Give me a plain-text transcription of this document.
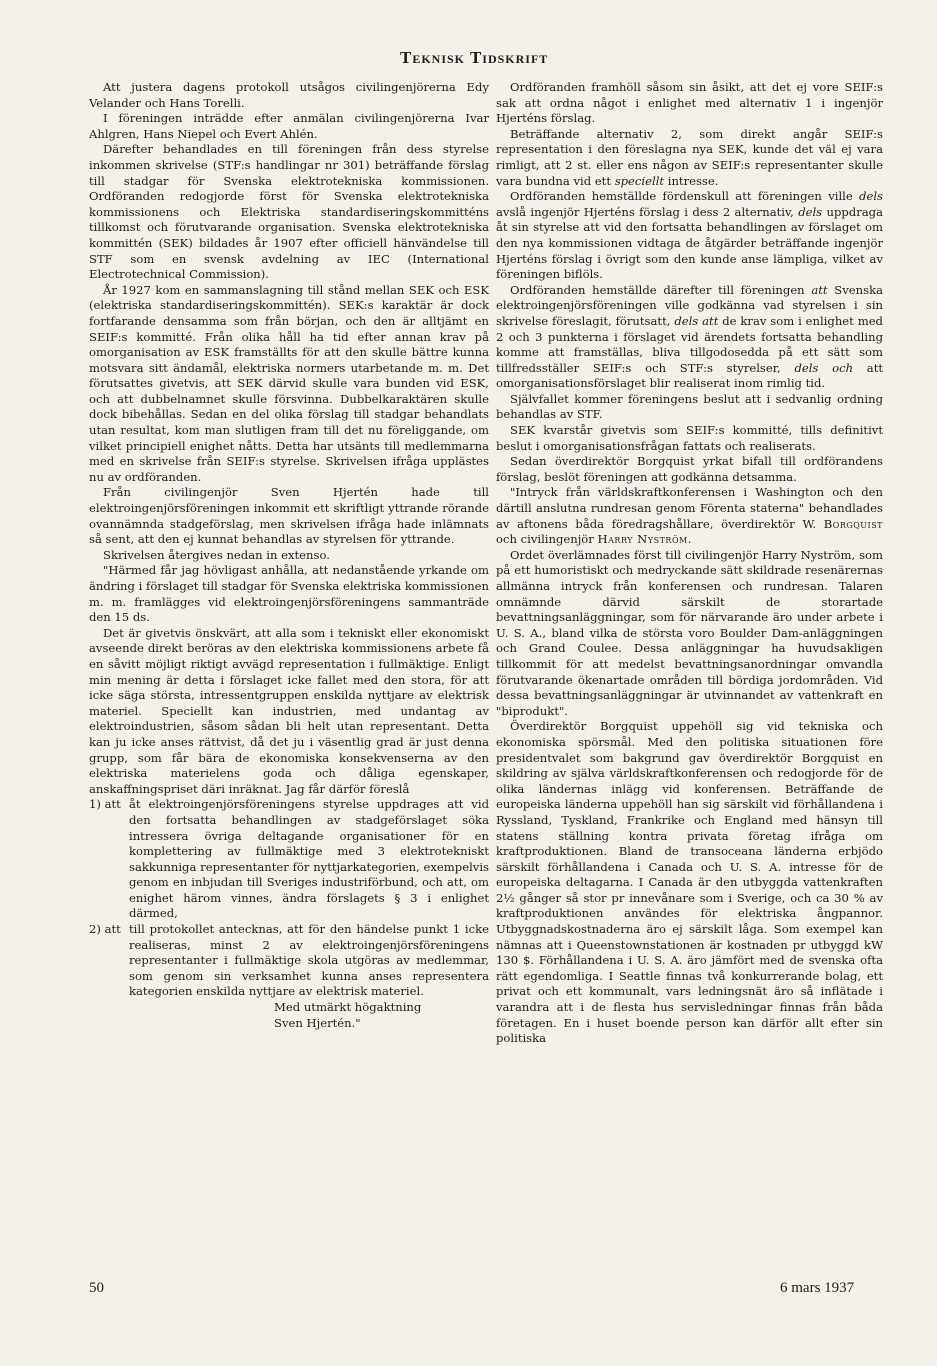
Teknisk Tidskrift

Att justera dagens protokoll utsågos civilingenjörerna Edy Velander och Hans Torelli.

I föreningen inträdde efter anmälan civilingenjörerna Ivar Ahlgren, Hans Niepel och Evert Ahlén.

Därefter behandlades en till föreningen från dess styrelse inkommen skrivelse (STF:s handlingar nr 301) beträffande förslag till stadgar för Svenska elektrotekniska kommissionen. Ordföranden redogjorde först för Svenska elektrotekniska kommissionens och Elektriska standardiseringskommitténs tillkomst och förutvarande organisation. Svenska elektrotekniska kommittén (SEK) bildades år 1907 efter officiell hänvändelse till STF som en svensk avdelning av IEC (International Electrotechnical Commission).

År 1927 kom en sammanslagning till stånd mellan SEK och ESK (elektriska standardiseringskommittén). SEK:s karaktär är dock fortfarande densamma som från början, och den är alltjämt en SEIF:s kommitté. Från olika håll ha tid efter annan krav på omorganisation av ESK framställts för att den skulle bättre kunna motsvara sitt ändamål, elektriska normers utarbetande m. m. Det förutsattes givetvis, att SEK därvid skulle vara bunden vid ESK, och att dubbelnamnet skulle försvinna. Dubbelkaraktären skulle dock bibehållas. Sedan en del olika förslag till stadgar behandlats utan resultat, kom man slutligen fram till det nu föreliggande, om vilket principiell enighet nåtts. Detta har utsänts till medlemmarna med en skrivelse från SEIF:s styrelse. Skrivelsen ifråga upplästes nu av ordföranden.

Från civilingenjör Sven Hjertén hade till elektroingenjörsföreningen inkommit ett skriftligt yttrande rörande ovannämnda stadgeförslag, men skrivelsen ifråga hade inlämnats så sent, att den ej kunnat behandlas av styrelsen för yttrande.

Skrivelsen återgives nedan in extenso.

"Härmed får jag hövligast anhålla, att nedanstående yrkande om ändring i förslaget till stadgar för Svenska elektriska kommissionen m. m. framlägges vid elektroingenjörsföreningens sammanträde den 15 ds.

Det är givetvis önskvärt, att alla som i tekniskt eller ekonomiskt avseende direkt beröras av den elektriska kommissionens arbete få en såvitt möjligt riktigt avvägd representation i fullmäktige. Enligt min mening är detta i förslaget icke fallet med den stora, för att icke säga största, intressentgruppen enskilda nyttjare av elektrisk materiel. Speciellt kan industrien, med undantag av elektroindustrien, såsom sådan bli helt utan representant. Detta kan ju icke anses rättvist, då det ju i väsentlig grad är just denna grupp, som får bära de ekonomiska konsekvenserna av den elektriska materielens goda och dåliga egenskaper, anskaffningspriset däri inräknat. Jag får därför föreslå

1) att åt elektroingenjörsföreningens styrelse uppdrages att vid den fortsatta behandlingen av stadgeförslaget söka intressera övriga deltagande organisationer för en komplettering av fullmäktige med 3 elektrotekniskt sakkunniga representanter för nyttjarkategorien, exempelvis genom en inbjudan till Sveriges industriförbund, och att, om enighet härom vinnes, ändra förslagets § 3 i enlighet därmed,
2) att till protokollet antecknas, att för den händelse punkt 1 icke realiseras, minst 2 av elektroingenjörsföreningens representanter i fullmäktige skola utgöras av medlemmar, som genom sin verksamhet kunna anses representera kategorien enskilda nyttjare av elektrisk materiel.

Med utmärkt högaktning

Sven Hjertén."

Ordföranden framhöll såsom sin åsikt, att det ej vore SEIF:s sak att ordna något i enlighet med alternativ 1 i ingenjör Hjerténs förslag.

Beträffande alternativ 2, som direkt angår SEIF:s representation i den föreslagna nya SEK, kunde det väl ej vara rimligt, att 2 st. eller ens någon av SEIF:s representanter skulle vara bundna vid ett speciellt intresse.

Ordföranden hemställde fördenskull att föreningen ville dels avslå ingenjör Hjerténs förslag i dess 2 alternativ, dels uppdraga åt sin styrelse att vid den fortsatta behandlingen av förslaget om den nya kommissionen vidtaga de åtgärder beträffande ingenjör Hjerténs förslag i övrigt som den kunde anse lämpliga, vilket av föreningen biflöls.

Ordföranden hemställde därefter till föreningen att Svenska elektroingenjörsföreningen ville godkänna vad styrelsen i sin skrivelse föreslagit, förutsatt, dels att de krav som i enlighet med 2 och 3 punkterna i förslaget vid ärendets fortsatta behandling komme att framställas, bliva tillgodosedda på ett sätt som tillfredsställer SEIF:s och STF:s styrelser, dels och att omorganisationsförslaget blir realiserat inom rimlig tid.

Självfallet kommer föreningens beslut att i sedvanlig ordning behandlas av STF.

SEK kvarstår givetvis som SEIF:s kommitté, tills definitivt beslut i omorganisationsfrågan fattats och realiserats.

Sedan överdirektör Borgquist yrkat bifall till ordförandens förslag, beslöt föreningen att godkänna detsamma.

"Intryck från världskraftkonferensen i Washington och den därtill anslutna rundresan genom Förenta staterna" behandlades av aftonens båda föredragshållare, överdirektör W. Borgquist och civilingenjör Harry Nyström.

Ordet överlämnades först till civilingenjör Harry Nyström, som på ett humoristiskt och medryckande sätt skildrade resenärernas allmänna intryck från konferensen och rundresan. Talaren omnämnde därvid särskilt de storartade bevattningsanläggningar, som för närvarande äro under arbete i U. S. A., bland vilka de största voro Boulder Dam-anläggningen och Grand Coulee. Dessa anläggningar ha huvudsakligen tillkommit för att medelst bevattningsanordningar omvandla förutvarande ökenartade områden till bördiga jordområden. Vid dessa bevattningsanläggningar är utvinnandet av vattenkraft en "biprodukt".

Överdirektör Borgquist uppehöll sig vid tekniska och ekonomiska spörsmål. Med den politiska situationen före presidentvalet som bakgrund gav överdirektör Borgquist en skildring av själva världskraftkonferensen och redogjorde för de olika ländernas inlägg vid konferensen. Beträffande de europeiska länderna uppehöll han sig särskilt vid förhållandena i Ryssland, Tyskland, Frankrike och England med hänsyn till statens ställning kontra privata företag ifråga om kraftproduktionen. Bland de transoceana länderna erbjödo särskilt förhållandena i Canada och U. S. A. intresse för de europeiska deltagarna. I Canada är den utbyggda vattenkraften 2½ gånger så stor pr innevånare som i Sverige, och ca 30 % av kraftproduktionen användes för elektriska ångpannor. Utbyggnadskostnaderna äro ej särskilt låga. Som exempel kan nämnas att i Queenstownstationen är kostnaden pr utbyggd kW 130 $. Förhållandena i U. S. A. äro jämfört med de svenska ofta rätt egendomliga. I Seattle finnas två konkurrerande bolag, ett privat och ett kommunalt, vars ledningsnät äro så inflätade i varandra att i de flesta hus servisledningar finnas från båda företagen. En i huset boende person kan därför allt efter sin politiska

50	6 mars 1937
